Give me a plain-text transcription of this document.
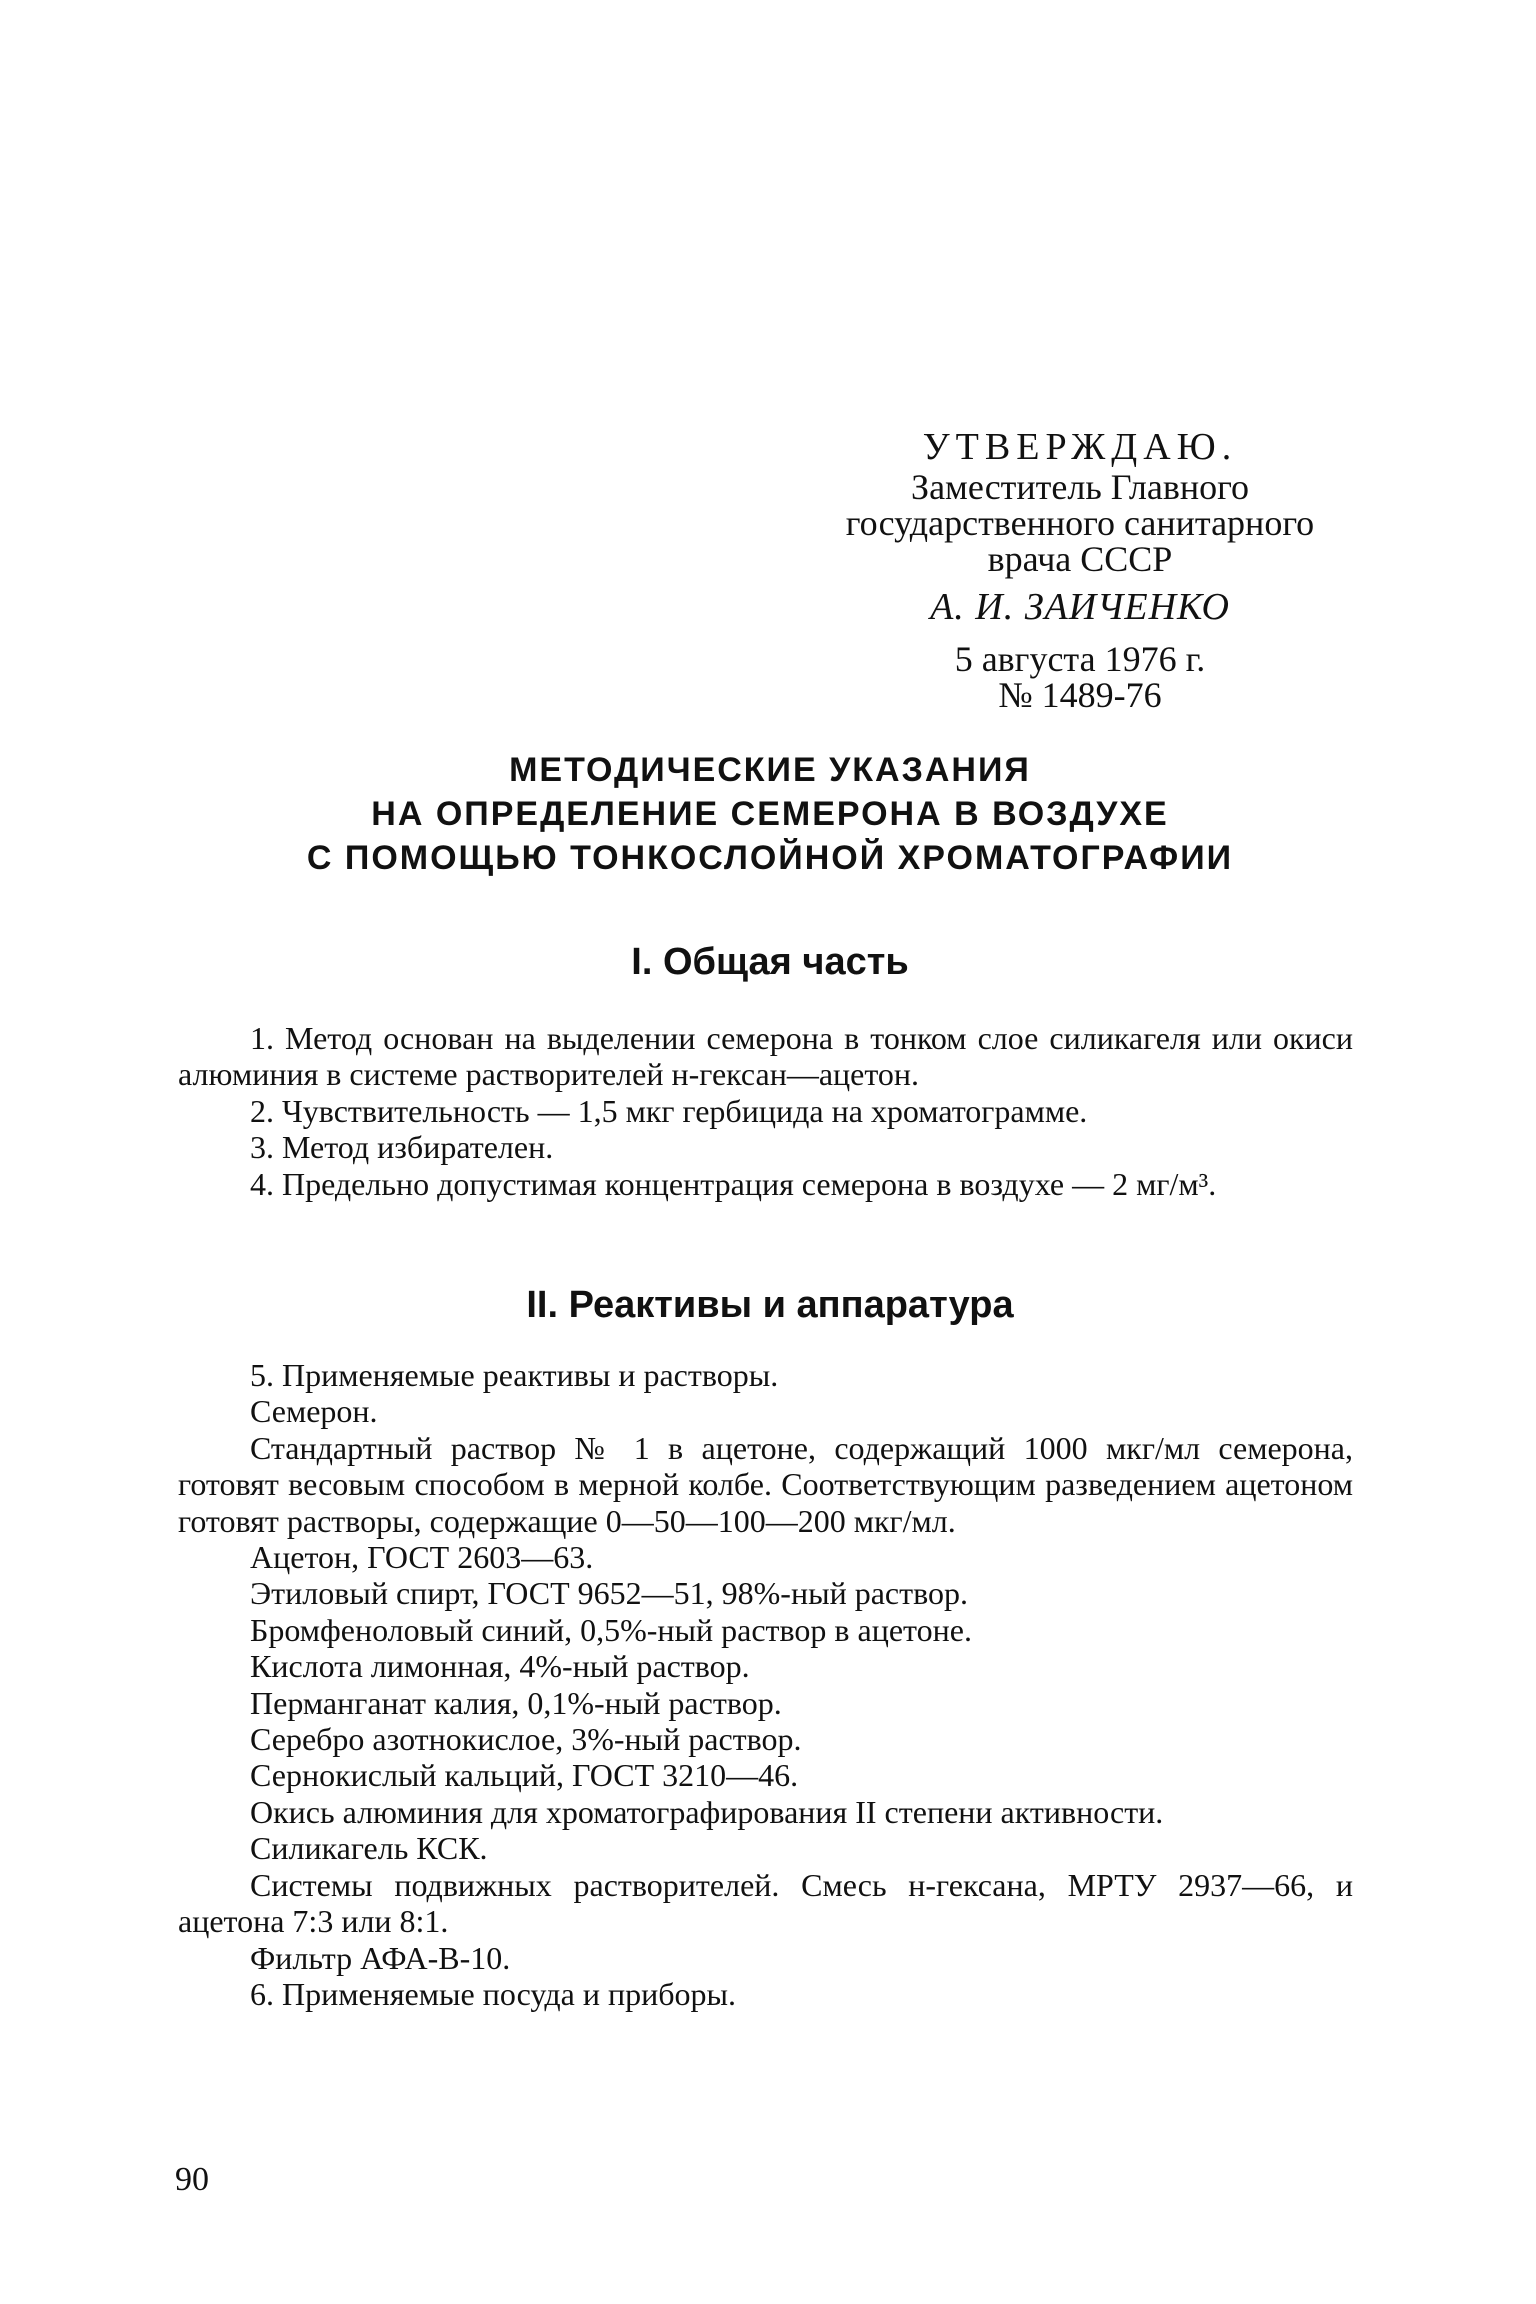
УТВЕРЖДАЮ.
Заместитель Главного
государственного санитарного
врача СССР
А. И. ЗАИЧЕНКО
5 августа 1976 г.
№ 1489-76
МЕТОДИЧЕСКИЕ УКАЗАНИЯ
НА ОПРЕДЕЛЕНИЕ СЕМЕРОНА В ВОЗДУХЕ
С ПОМОЩЬЮ ТОНКОСЛОЙНОЙ ХРОМАТОГРАФИИ
I. Общая часть

1. Метод основан на выделении семерона в тонком слое силикагеля или окиси алюминия в системе растворителей н-гексан—ацетон.

2. Чувствительность — 1,5 мкг гербицида на хроматограмме.

3. Метод избирателен.

4. Предельно допустимая концентрация семерона в воздухе — 2 мг/м³.

II. Реактивы и аппаратура

5. Применяемые реактивы и растворы.

Семерон.

Стандартный раствор № 1 в ацетоне, содержащий 1000 мкг/мл семерона, готовят весовым способом в мерной колбе. Соответствующим разведением ацетоном готовят растворы, содержащие 0—50—100—200 мкг/мл.

Ацетон, ГОСТ 2603—63.

Этиловый спирт, ГОСТ 9652—51, 98%-ный раствор.

Бромфеноловый синий, 0,5%-ный раствор в ацетоне.

Кислота лимонная, 4%-ный раствор.

Перманганат калия, 0,1%-ный раствор.

Серебро азотнокислое, 3%-ный раствор.

Сернокислый кальций, ГОСТ 3210—46.

Окись алюминия для хроматографирования II степени активности.

Силикагель КСК.

Системы подвижных растворителей. Смесь н-гексана, МРТУ 2937—66, и ацетона 7:3 или 8:1.

Фильтр АФА-В-10.

6. Применяемые посуда и приборы.

90
